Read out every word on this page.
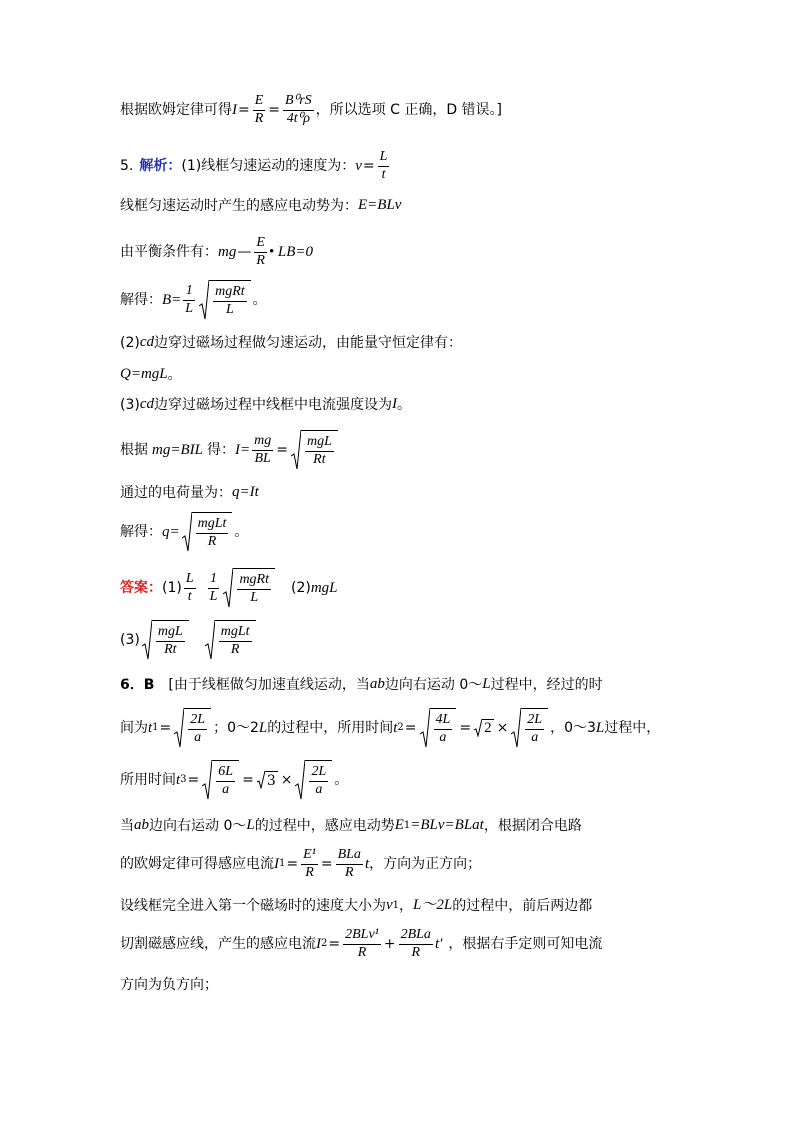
根据欧姆定律可得 $I = \frac{E}{R} = \frac{\text{B⁰rS}}{\text{4t⁰ρ}}$ ，所以选项 C 正确，D 错误。]
5. 解析： (1)线框匀速运动的速度为： $v = \frac{L}{t}$
线框匀速运动时产生的感应电动势为： E=BLv
由平衡条件有： mg — $\frac{E}{R}$ • LB=0
解得： $B= \frac{1}{L} \frac{\text{mgRt}}{L}$ 。
(2) cd 边穿过磁场过程做匀速运动，由能量守恒定律有：
Q=mgL 。
(3) cd 边穿过磁场过程中线框中电流强度设为 I 。
根据 mg=BIL 得： $I= \frac{mg}{BL} = \frac{\text{mgL}}{Rt}$
通过的电荷量为： q=It
解得： $q= \frac{\text{mgLt}}{R}$ 。
答案： $(1) \frac{L}{t} \frac{1}{L} \frac{\text{mgRt}}{L} (2)$ mgL
$(3) \frac{\text{mgL}}{Rt} \frac{\text{mgLt}}{R}$
6．B [由于线框做匀加速直线运动，当 ab 边向右运动 0～ L 过程中，经过的时
间为 t $1 = \frac{2L}{a}$ ；0～2 L 的过程中，所用时间 t $2 = \frac{4L}{a} = 2 \times \frac{2L}{a}$ ，0～3 L 过程中，
所用时间 t $3 = \frac{6L}{a} = 3 \times \frac{2L}{a}$ 。
当 ab 边向右运动 0～ L 的过程中，感应电动势 E 1 =BLv=BLat ，根据闭合电路
的欧姆定律可得感应电流 I $1 = \frac{\text{E¹}}{R} = \frac{\text{BLa}}{R}$ t ，方向为正方向；
设线框完全进入第一个磁场时的速度大小为 v 1 ， L～2L 的过程中，前后两边都
切割磁感应线，产生的感应电流 I $2 = \frac{\text{2BLv¹}}{R} + \frac{\text{2BLa}}{R} t'$ ，根据右手定则可知电流
方向为负方向；
